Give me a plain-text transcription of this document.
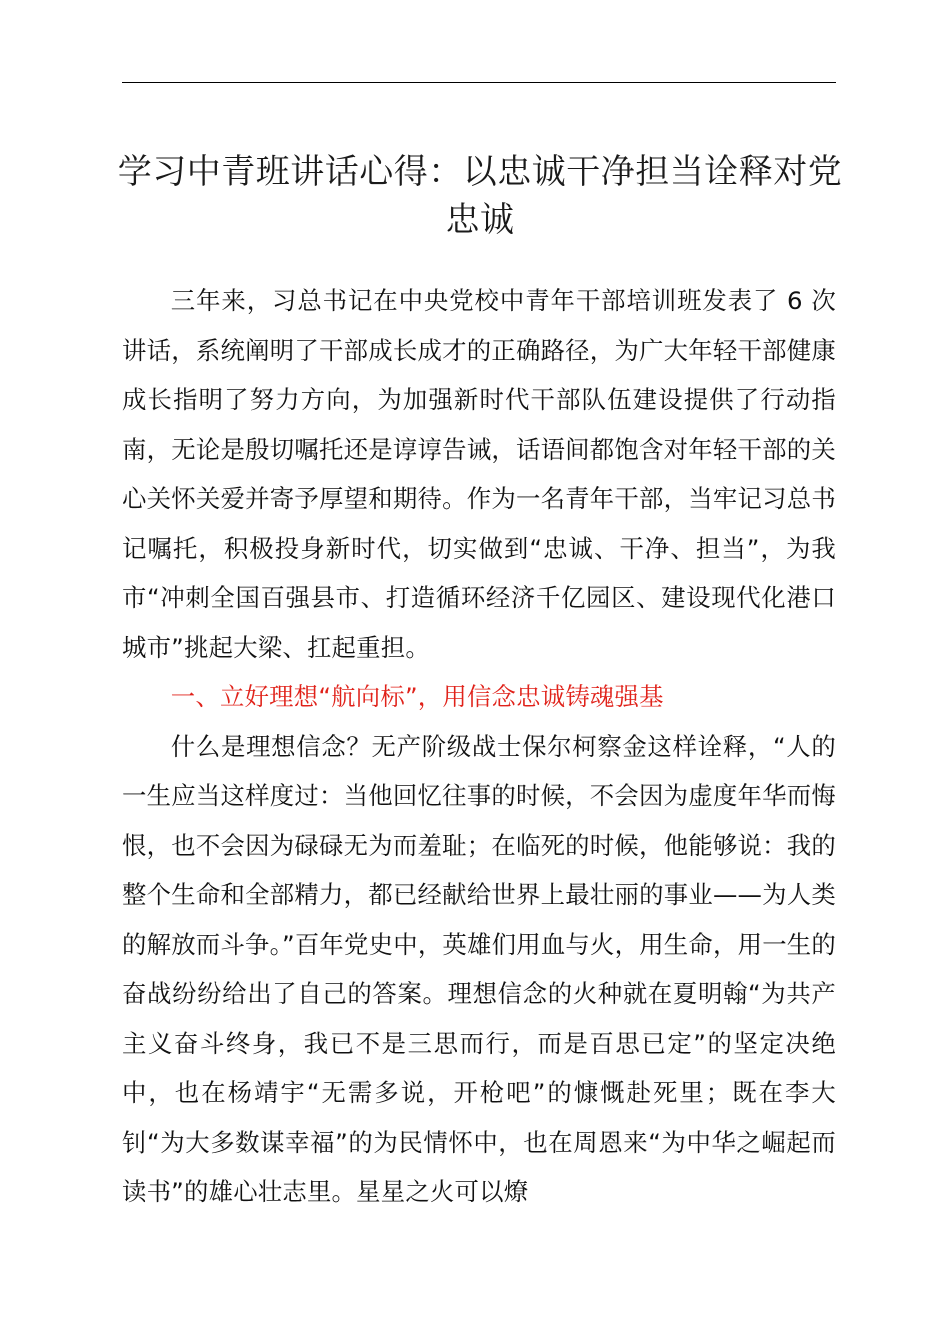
学习中青班讲话心得：以忠诚干净担当诠释对党忠诚

三年来，习总书记在中央党校中青年干部培训班发表了 6 次讲话，系统阐明了干部成长成才的正确路径，为广大年轻干部健康成长指明了努力方向，为加强新时代干部队伍建设提供了行动指南，无论是殷切嘱托还是谆谆告诫，话语间都饱含对年轻干部的关心关怀关爱并寄予厚望和期待。作为一名青年干部，当牢记习总书记嘱托，积极投身新时代，切实做到“忠诚、干净、担当”，为我市“冲刺全国百强县市、打造循环经济千亿园区、建设现代化港口城市”挑起大梁、扛起重担。

一、立好理想“航向标”，用信念忠诚铸魂强基

什么是理想信念？无产阶级战士保尔柯察金这样诠释，“人的一生应当这样度过：当他回忆往事的时候，不会因为虚度年华而悔恨，也不会因为碌碌无为而羞耻；在临死的时候，他能够说：我的整个生命和全部精力，都已经献给世界上最壮丽的事业——为人类的解放而斗争。”百年党史中，英雄们用血与火，用生命，用一生的奋战纷纷给出了自己的答案。理想信念的火种就在夏明翰“为共产主义奋斗终身，我已不是三思而行，而是百思已定”的坚定决绝中，也在杨靖宇“无需多说，开枪吧”的慷慨赴死里；既在李大钊“为大多数谋幸福”的为民情怀中，也在周恩来“为中华之崛起而读书”的雄心壮志里。星星之火可以燎
